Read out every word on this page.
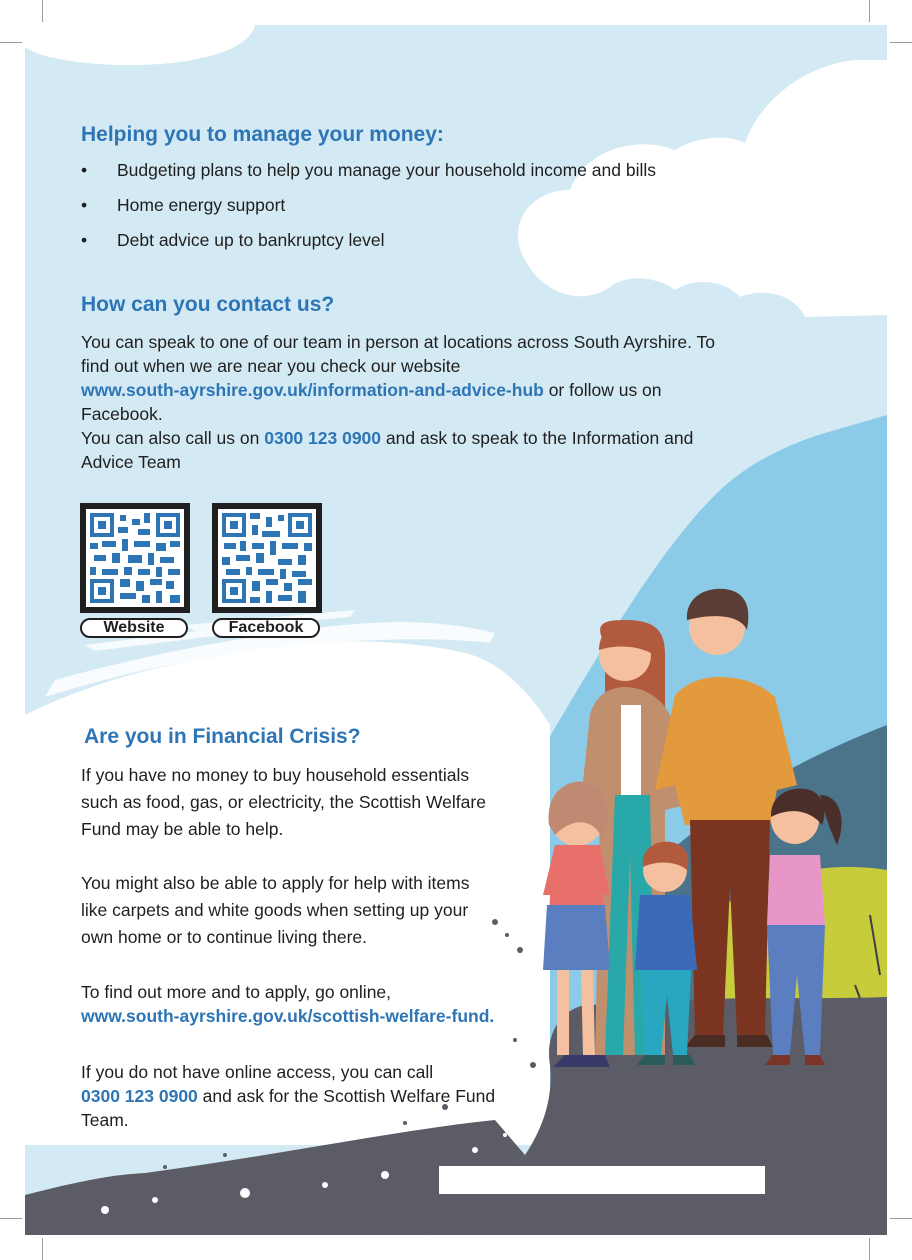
Helping you to manage your money:
• Budgeting plans to help you manage your household income and bills
• Home energy support
• Debt advice up to bankruptcy level
How can you contact us?
You can speak to one of our team in person at locations across South Ayrshire. To
find out when we are near you check our website
www.south-ayrshire.gov.uk/information-and-advice-hub or follow us on
Facebook.
You can also call us on 0300 123 0900 and ask to speak to the Information and
Advice Team
Website	Facebook
Are you in Financial Crisis?
If you have no money to buy household essentials
such as food, gas, or electricity, the Scottish Welfare
Fund may be able to help.
You might also be able to apply for help with items
like carpets and white goods when setting up your
own home or to continue living there.
To find out more and to apply, go online,
www.south-ayrshire.gov.uk/scottish-welfare-fund.
If you do not have online access, you can call
0300 123 0900 and ask for the Scottish Welfare Fund
Team.
